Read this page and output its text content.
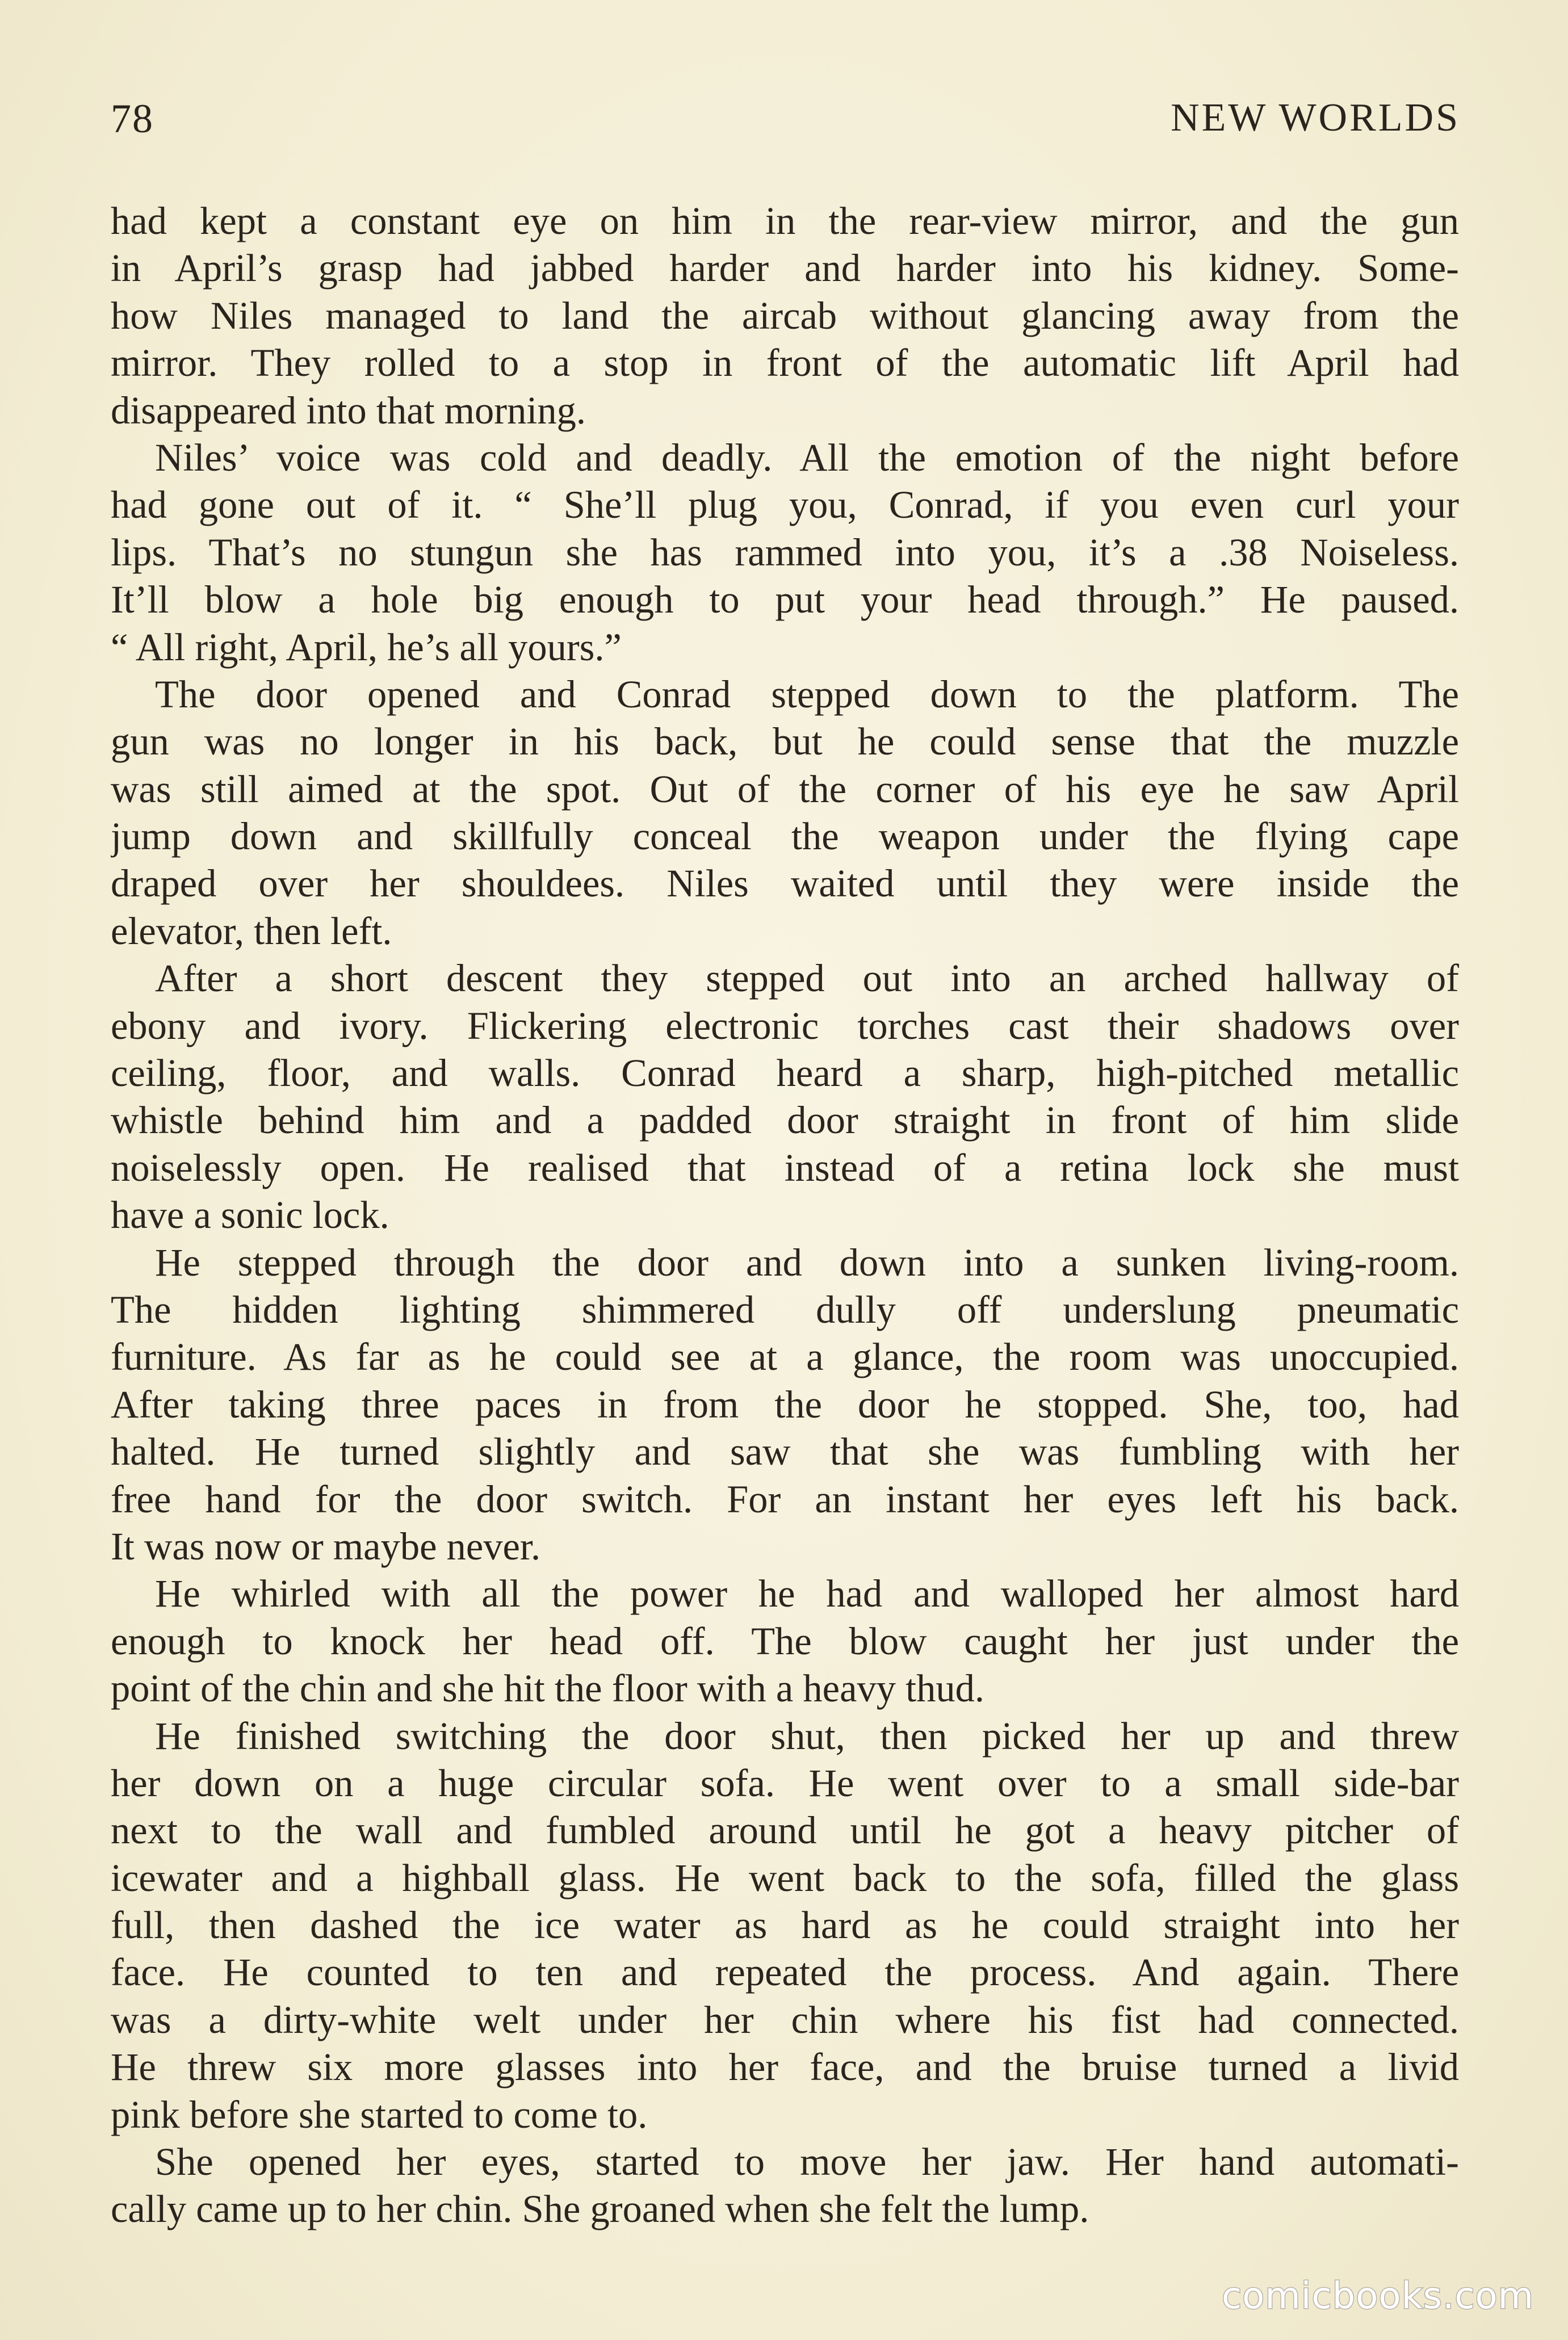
78	NEW WORLDS
had kept a constant eye on him in the rear-view mirror, and the gun
in April’s grasp had jabbed harder and harder into his kidney. Some-
how Niles managed to land the aircab without glancing away from the
mirror. They rolled to a stop in front of the automatic lift April had
disappeared into that morning.
Niles’ voice was cold and deadly. All the emotion of the night before
had gone out of it. “ She’ll plug you, Conrad, if you even curl your
lips. That’s no stungun she has rammed into you, it’s a .38 Noiseless.
It’ll blow a hole big enough to put your head through.” He paused.
“ All right, April, he’s all yours.”
The door opened and Conrad stepped down to the platform. The
gun was no longer in his back, but he could sense that the muzzle
was still aimed at the spot. Out of the corner of his eye he saw April
jump down and skillfully conceal the weapon under the flying cape
draped over her shouldees. Niles waited until they were inside the
elevator, then left.
After a short descent they stepped out into an arched hallway of
ebony and ivory. Flickering electronic torches cast their shadows over
ceiling, floor, and walls. Conrad heard a sharp, high-pitched metallic
whistle behind him and a padded door straight in front of him slide
noiselessly open. He realised that instead of a retina lock she must
have a sonic lock.
He stepped through the door and down into a sunken living-room.
The hidden lighting shimmered dully off underslung pneumatic
furniture. As far as he could see at a glance, the room was unoccupied.
After taking three paces in from the door he stopped. She, too, had
halted. He turned slightly and saw that she was fumbling with her
free hand for the door switch. For an instant her eyes left his back.
It was now or maybe never.
He whirled with all the power he had and walloped her almost hard
enough to knock her head off. The blow caught her just under the
point of the chin and she hit the floor with a heavy thud.
He finished switching the door shut, then picked her up and threw
her down on a huge circular sofa. He went over to a small side-bar
next to the wall and fumbled around until he got a heavy pitcher of
icewater and a highball glass. He went back to the sofa, filled the glass
full, then dashed the ice water as hard as he could straight into her
face. He counted to ten and repeated the process. And again. There
was a dirty-white welt under her chin where his fist had connected.
He threw six more glasses into her face, and the bruise turned a livid
pink before she started to come to.
She opened her eyes, started to move her jaw. Her hand automati-
cally came up to her chin. She groaned when she felt the lump.
comicbooks.com
